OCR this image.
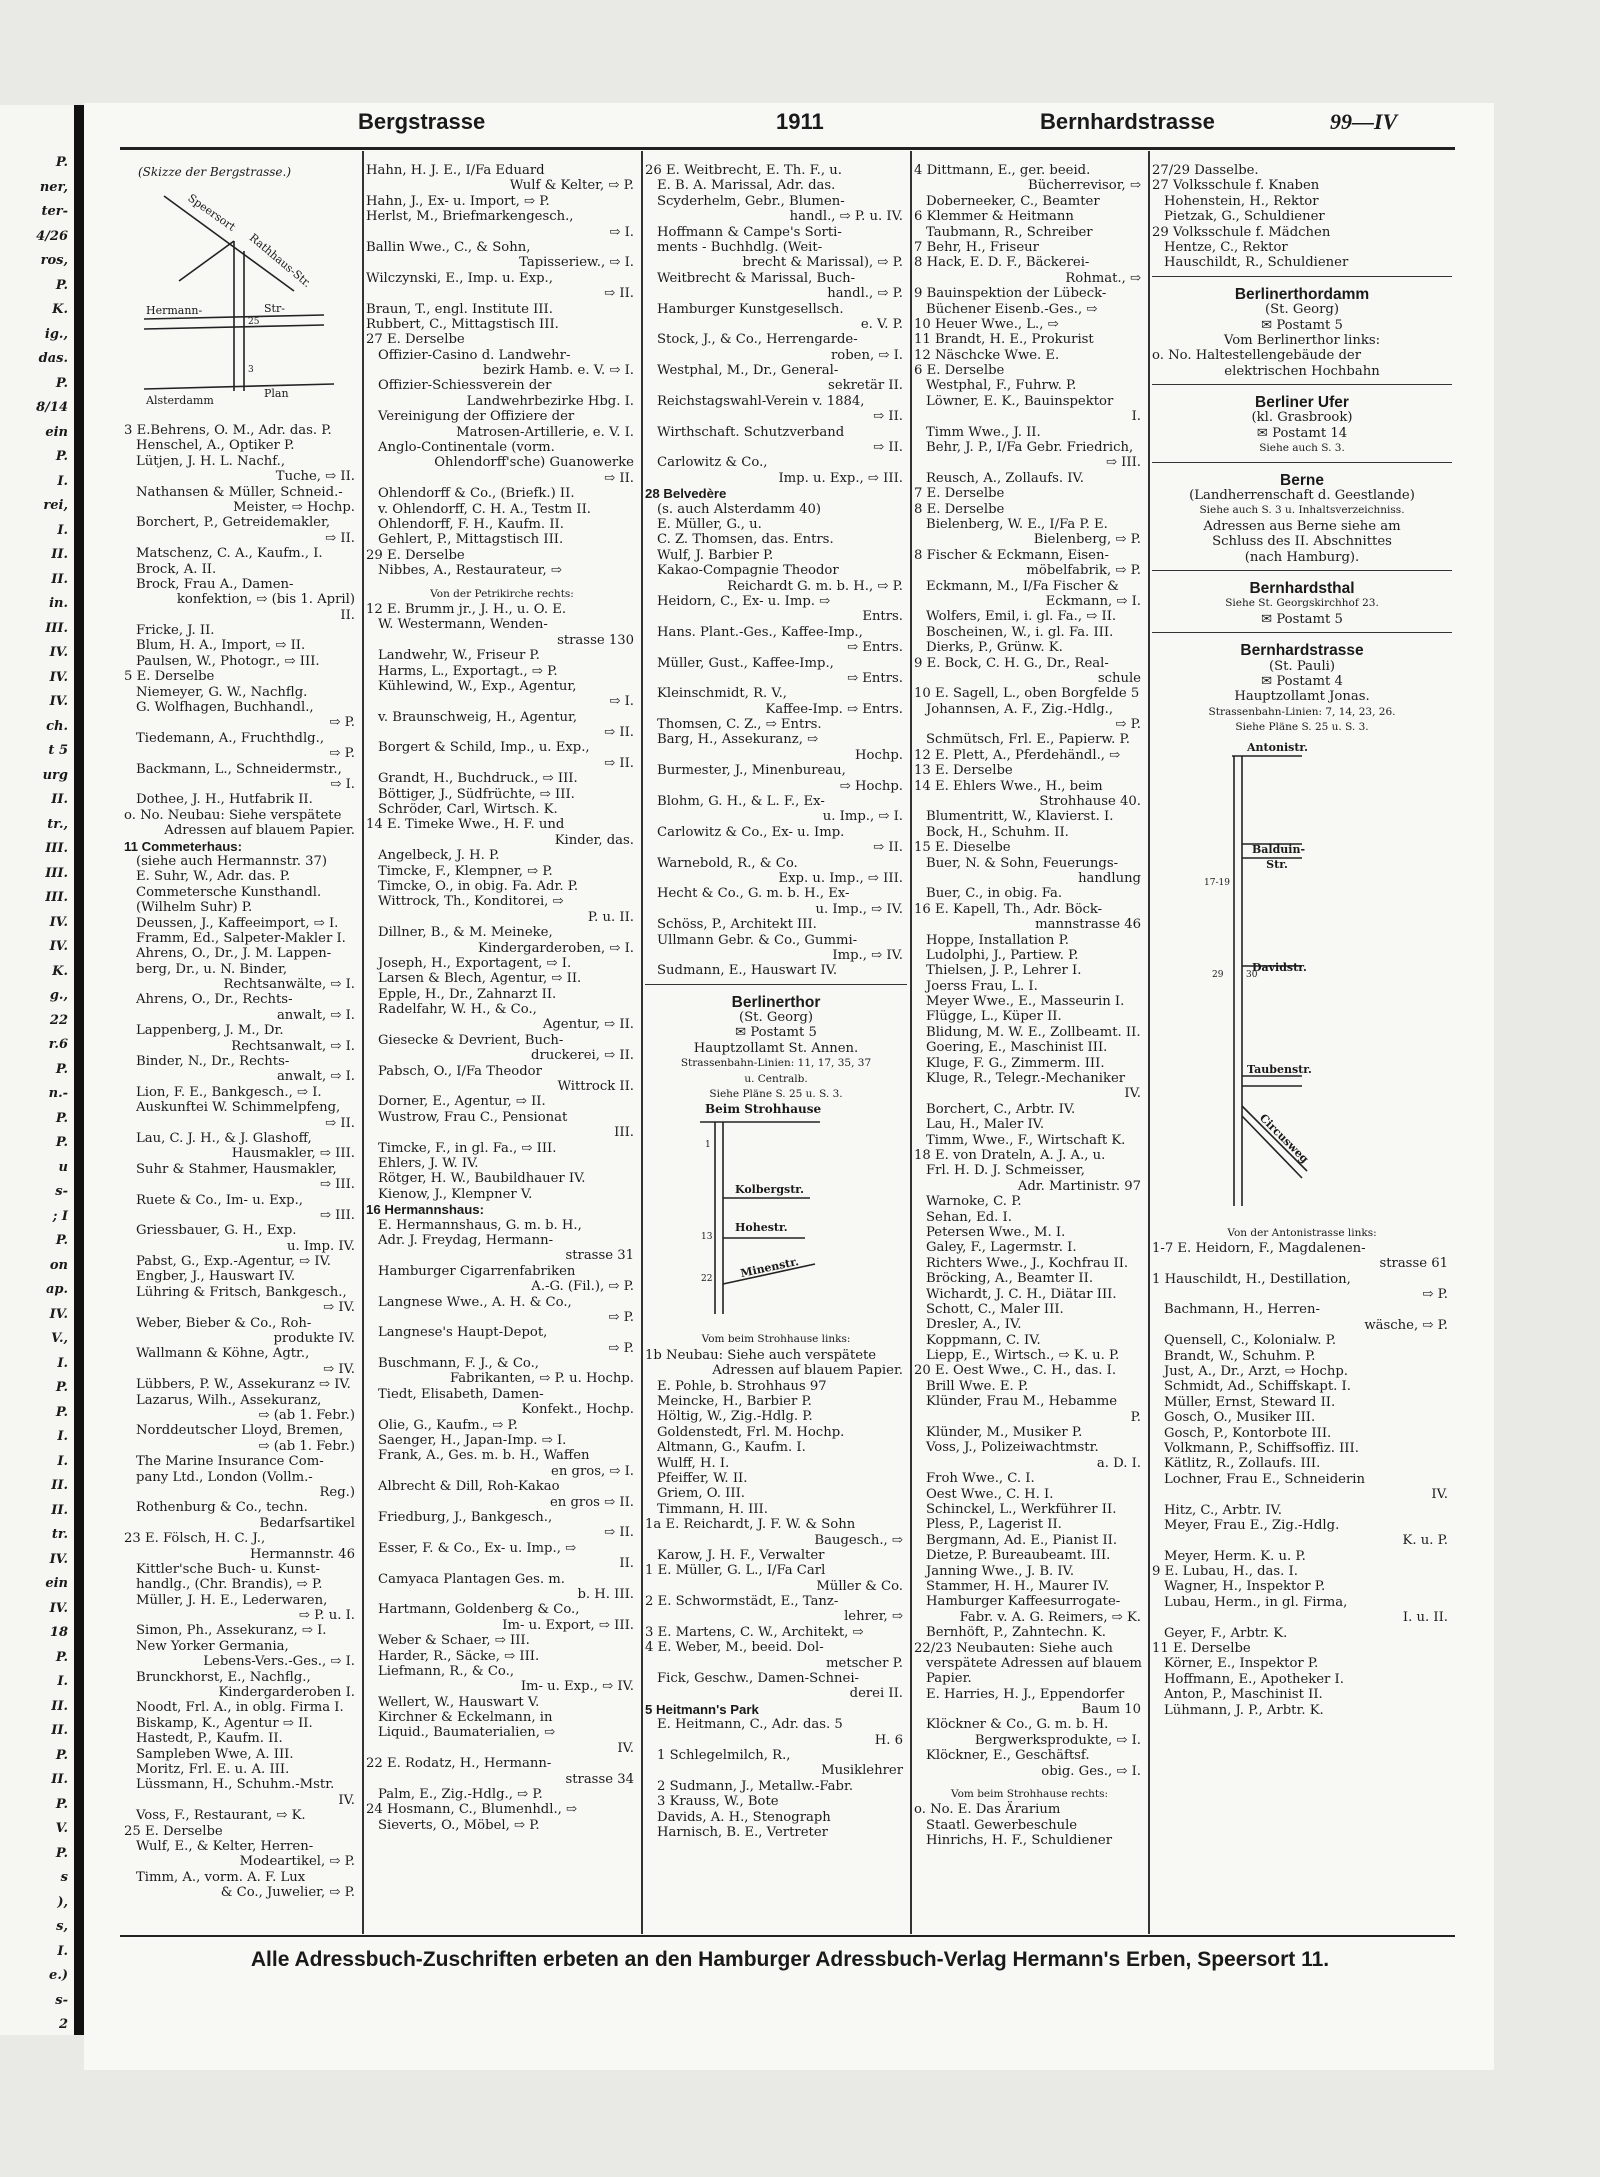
P.
ner,
ter-
4/26
ros,
P.
K.
ig.,
das.
P.
8/14
ein
P.
I.
rei,
I.
II.
II.
in.
III.
IV.
IV.
IV.
ch.
t 5
urg
II.
tr.,
III.
III.
III.
IV.
IV.
K.
g.,
22
r.6
P.
n.-
P.
P.
u
s-
; I
P.
on
ap.
IV.
V.,
I.
P.
P.
I.
I.
II.
II.
tr.
IV.
ein
IV.
18
P.
I.
II.
II.
P.
II.
P.
V.
P.
s
),
s,
I.
e.)
s-
2
Bergstrasse	1911	Bernhardstrasse	99—IV
(Skizze der Bergstrasse.)
Speersort
Rathhaus-Str.
Hermann-	Str-
Alsterdamm
Plan
25
3
3 E.Behrens, O. M., Adr. das. P.
Henschel, A., Optiker P.
Lütjen, J. H. L. Nachf.,
Tuche, ⇨ II.
Nathansen & Müller, Schneid.-
Meister, ⇨ Hochp.
Borchert, P., Getreidemakler,
⇨ II.
Matschenz, C. A., Kaufm., I.
Brock, A. II.
Brock, Frau A., Damen-
konfektion, ⇨ (bis 1. April)
II.
Fricke, J. II.
Blum, H. A., Import, ⇨ II.
Paulsen, W., Photogr., ⇨ III.
5 E. Derselbe
Niemeyer, G. W., Nachflg.
G. Wolfhagen, Buchhandl.,
⇨ P.
Tiedemann, A., Fruchthdlg.,
⇨ P.
Backmann, L., Schneidermstr.,
⇨ I.
Dothee, J. H., Hutfabrik II.
o. No. Neubau: Siehe verspätete
Adressen auf blauem Papier.
11 Commeterhaus:
(siehe auch Hermannstr. 37)
E. Suhr, W., Adr. das. P.
Commetersche Kunsthandl.
(Wilhelm Suhr) P.
Deussen, J., Kaffeeimport, ⇨ I.
Framm, Ed., Salpeter-Makler I.
Ahrens, O., Dr., J. M. Lappen-
berg, Dr., u. N. Binder,
Rechtsanwälte, ⇨ I.
Ahrens, O., Dr., Rechts-
anwalt, ⇨ I.
Lappenberg, J. M., Dr.
Rechtsanwalt, ⇨ I.
Binder, N., Dr., Rechts-
anwalt, ⇨ I.
Lion, F. E., Bankgesch., ⇨ I.
Auskunftei W. Schimmelpfeng,
⇨ II.
Lau, C. J. H., & J. Glashoff,
Hausmakler, ⇨ III.
Suhr & Stahmer, Hausmakler,
⇨ III.
Ruete & Co., Im- u. Exp.,
⇨ III.
Griessbauer, G. H., Exp.
u. Imp. IV.
Pabst, G., Exp.-Agentur, ⇨ IV.
Engber, J., Hauswart IV.
Lühring & Fritsch, Bankgesch.,
⇨ IV.
Weber, Bieber & Co., Roh-
produkte IV.
Wallmann & Köhne, Agtr.,
⇨ IV.
Lübbers, P. W., Assekuranz ⇨ IV.
Lazarus, Wilh., Assekuranz,
⇨ (ab 1. Febr.)
Norddeutscher Lloyd, Bremen,
⇨ (ab 1. Febr.)
The Marine Insurance Com-
pany Ltd., London (Vollm.-
Reg.)
Rothenburg & Co., techn.
Bedarfsartikel
23 E. Fölsch, H. C. J.,
Hermannstr. 46
Kittler'sche Buch- u. Kunst-
handlg., (Chr. Brandis), ⇨ P.
Müller, J. H. E., Lederwaren,
⇨ P. u. I.
Simon, Ph., Assekuranz, ⇨ I.
New Yorker Germania,
Lebens-Vers.-Ges., ⇨ I.
Brunckhorst, E., Nachflg.,
Kindergarderoben I.
Noodt, Frl. A., in oblg. Firma I.
Biskamp, K., Agentur ⇨ II.
Hastedt, P., Kaufm. II.
Sampleben Wwe, A. III.
Moritz, Frl. E. u. A. III.
Lüssmann, H., Schuhm.-Mstr.
IV.
Voss, F., Restaurant, ⇨ K.
25 E. Derselbe
Wulf, E., & Kelter, Herren-
Modeartikel, ⇨ P.
Timm, A., vorm. A. F. Lux
& Co., Juwelier, ⇨ P.
Hahn, H. J. E., I/Fa Eduard
Wulf & Kelter, ⇨ P.
Hahn, J., Ex- u. Import, ⇨ P.
Herlst, M., Briefmarkengesch.,
⇨ I.
Ballin Wwe., C., & Sohn,
Tapisseriew., ⇨ I.
Wilczynski, E., Imp. u. Exp.,
⇨ II.
Braun, T., engl. Institute III.
Rubbert, C., Mittagstisch III.
27 E. Derselbe
Offizier-Casino d. Landwehr-
bezirk Hamb. e. V. ⇨ I.
Offizier-Schiessverein der
Landwehrbezirke Hbg. I.
Vereinigung der Offiziere der
Matrosen-Artillerie, e. V. I.
Anglo-Continentale (vorm.
Ohlendorff'sche) Guanowerke
⇨ II.
Ohlendorff & Co., (Briefk.) II.
v. Ohlendorff, C. H. A., Testm II.
Ohlendorff, F. H., Kaufm. II.
Gehlert, P., Mittagstisch III.
29 E. Derselbe
Nibbes, A., Restaurateur, ⇨
Von der Petrikirche rechts:
12 E. Brumm jr., J. H., u. O. E.
W. Westermann, Wenden-
strasse 130
Landwehr, W., Friseur P.
Harms, L., Exportagt., ⇨ P.
Kühlewind, W., Exp., Agentur,
⇨ I.
v. Braunschweig, H., Agentur,
⇨ II.
Borgert & Schild, Imp., u. Exp.,
⇨ II.
Grandt, H., Buchdruck., ⇨ III.
Böttiger, J., Südfrüchte, ⇨ III.
Schröder, Carl, Wirtsch. K.
14 E. Timeke Wwe., H. F. und
Kinder, das.
Angelbeck, J. H. P.
Timcke, F., Klempner, ⇨ P.
Timcke, O., in obig. Fa. Adr. P.
Wittrock, Th., Konditorei, ⇨
P. u. II.
Dillner, B., & M. Meineke,
Kindergarderoben, ⇨ I.
Joseph, H., Exportagent, ⇨ I.
Larsen & Blech, Agentur, ⇨ II.
Epple, H., Dr., Zahnarzt II.
Radelfahr, W. H., & Co.,
Agentur, ⇨ II.
Giesecke & Devrient, Buch-
druckerei, ⇨ II.
Pabsch, O., I/Fa Theodor
Wittrock II.
Dorner, E., Agentur, ⇨ II.
Wustrow, Frau C., Pensionat
III.
Timcke, F., in gl. Fa., ⇨ III.
Ehlers, J. W. IV.
Rötger, H. W., Baubildhauer IV.
Kienow, J., Klempner V.
16 Hermannshaus:
E. Hermannshaus, G. m. b. H.,
Adr. J. Freydag, Hermann-
strasse 31
Hamburger Cigarrenfabriken
A.-G. (Fil.), ⇨ P.
Langnese Wwe., A. H. & Co.,
⇨ P.
Langnese's Haupt-Depot,
⇨ P.
Buschmann, F. J., & Co.,
Fabrikanten, ⇨ P. u. Hochp.
Tiedt, Elisabeth, Damen-
Konfekt., Hochp.
Olie, G., Kaufm., ⇨ P.
Saenger, H., Japan-Imp. ⇨ I.
Frank, A., Ges. m. b. H., Waffen
en gros, ⇨ I.
Albrecht & Dill, Roh-Kakao
en gros ⇨ II.
Friedburg, J., Bankgesch.,
⇨ II.
Esser, F. & Co., Ex- u. Imp., ⇨
II.
Camyaca Plantagen Ges. m.
b. H. III.
Hartmann, Goldenberg & Co.,
Im- u. Export, ⇨ III.
Weber & Schaer, ⇨ III.
Harder, R., Säcke, ⇨ III.
Liefmann, R., & Co.,
Im- u. Exp., ⇨ IV.
Wellert, W., Hauswart V.
Kirchner & Eckelmann, in
Liquid., Baumaterialien, ⇨
IV.
22 E. Rodatz, H., Hermann-
strasse 34
Palm, E., Zig.-Hdlg., ⇨ P.
24 Hosmann, C., Blumenhdl., ⇨
Sieverts, O., Möbel, ⇨ P.
26 E. Weitbrecht, E. Th. F., u.
E. B. A. Marissal, Adr. das.
Scyderhelm, Gebr., Blumen-
handl., ⇨ P. u. IV.
Hoffmann & Campe's Sorti-
ments - Buchhdlg. (Weit-
brecht & Marissal), ⇨ P.
Weitbrecht & Marissal, Buch-
handl., ⇨ P.
Hamburger Kunstgesellsch.
e. V. P.
Stock, J., & Co., Herrengarde-
roben, ⇨ I.
Westphal, M., Dr., General-
sekretär II.
Reichstagswahl-Verein v. 1884,
⇨ II.
Wirthschaft. Schutzverband
⇨ II.
Carlowitz & Co.,
Imp. u. Exp., ⇨ III.
28 Belvedère
(s. auch Alsterdamm 40)
E. Müller, G., u.
C. Z. Thomsen, das. Entrs.
Wulf, J. Barbier P.
Kakao-Compagnie Theodor
Reichardt G. m. b. H., ⇨ P.
Heidorn, C., Ex- u. Imp. ⇨
Entrs.
Hans. Plant.-Ges., Kaffee-Imp.,
⇨ Entrs.
Müller, Gust., Kaffee-Imp.,
⇨ Entrs.
Kleinschmidt, R. V.,
Kaffee-Imp. ⇨ Entrs.
Thomsen, C. Z., ⇨ Entrs.
Barg, H., Assekuranz, ⇨
Hochp.
Burmester, J., Minenbureau,
⇨ Hochp.
Blohm, G. H., & L. F., Ex-
u. Imp., ⇨ I.
Carlowitz & Co., Ex- u. Imp.
⇨ II.
Warnebold, R., & Co.
Exp. u. Imp., ⇨ III.
Hecht & Co., G. m. b. H., Ex-
u. Imp., ⇨ IV.
Schöss, P., Architekt III.
Ullmann Gebr. & Co., Gummi-
Imp., ⇨ IV.
Sudmann, E., Hauswart IV.
Berlinerthor
(St. Georg)
✉ Postamt 5
Hauptzollamt St. Annen.
Strassenbahn-Linien: 11, 17, 35, 37
u. Centralb.
Siehe Pläne S. 25 u. S. 3.
Beim Strohhause
Kolbergstr.
Hohestr.
Minenstr.
1
13
22
Vom beim Strohhause links:
1b Neubau: Siehe auch verspätete
Adressen auf blauem Papier.
E. Pohle, b. Strohhaus 97
Meincke, H., Barbier P.
Höltig, W., Zig.-Hdlg. P.
Goldenstedt, Frl. M. Hochp.
Altmann, G., Kaufm. I.
Wulff, H. I.
Pfeiffer, W. II.
Griem, O. III.
Timmann, H. III.
1a E. Reichardt, J. F. W. & Sohn
Baugesch., ⇨
Karow, J. H. F., Verwalter
1 E. Müller, G. L., I/Fa Carl
Müller & Co.
2 E. Schwormstädt, E., Tanz-
lehrer, ⇨
3 E. Martens, C. W., Architekt, ⇨
4 E. Weber, M., beeid. Dol-
metscher P.
Fick, Geschw., Damen-Schnei-
derei II.
5 Heitmann's Park
E. Heitmann, C., Adr. das. 5
H. 6
1 Schlegelmilch, R.,
Musiklehrer
2 Sudmann, J., Metallw.-Fabr.
3 Krauss, W., Bote
Davids, A. H., Stenograph
Harnisch, B. E., Vertreter
4 Dittmann, E., ger. beeid.
Bücherrevisor, ⇨
Doberneeker, C., Beamter
6 Klemmer & Heitmann
Taubmann, R., Schreiber
7 Behr, H., Friseur
8 Hack, E. D. F., Bäckerei-
Rohmat., ⇨
9 Bauinspektion der Lübeck-
Büchener Eisenb.-Ges., ⇨
10 Heuer Wwe., L., ⇨
11 Brandt, H. E., Prokurist
12 Näschcke Wwe. E.
6 E. Derselbe
Westphal, F., Fuhrw. P.
Löwner, E. K., Bauinspektor
I.
Timm Wwe., J. II.
Behr, J. P., I/Fa Gebr. Friedrich,
⇨ III.
Reusch, A., Zollaufs. IV.
7 E. Derselbe
8 E. Derselbe
Bielenberg, W. E., I/Fa P. E.
Bielenberg, ⇨ P.
8 Fischer & Eckmann, Eisen-
möbelfabrik, ⇨ P.
Eckmann, M., I/Fa Fischer &
Eckmann, ⇨ I.
Wolfers, Emil, i. gl. Fa., ⇨ II.
Boscheinen, W., i. gl. Fa. III.
Dierks, P., Grünw. K.
9 E. Bock, C. H. G., Dr., Real-
schule
10 E. Sagell, L., oben Borgfelde 5
Johannsen, A. F., Zig.-Hdlg.,
⇨ P.
Schmütsch, Frl. E., Papierw. P.
12 E. Plett, A., Pferdehändl., ⇨
13 E. Derselbe
14 E. Ehlers Wwe., H., beim
Strohhause 40.
Blumentritt, W., Klavierst. I.
Bock, H., Schuhm. II.
15 E. Dieselbe
Buer, N. & Sohn, Feuerungs-
handlung
Buer, C., in obig. Fa.
16 E. Kapell, Th., Adr. Böck-
mannstrasse 46
Hoppe, Installation P.
Ludolphi, J., Partiew. P.
Thielsen, J. P., Lehrer I.
Joerss Frau, L. I.
Meyer Wwe., E., Masseurin I.
Flügge, L., Küper II.
Blidung, M. W. E., Zollbeamt. II.
Goering, E., Maschinist III.
Kluge, F. G., Zimmerm. III.
Kluge, R., Telegr.-Mechaniker
IV.
Borchert, C., Arbtr. IV.
Lau, H., Maler IV.
Timm, Wwe., F., Wirtschaft K.
18 E. von Drateln, A. J. A., u.
Frl. H. D. J. Schmeisser,
Adr. Martinistr. 97
Warnoke, C. P.
Sehan, Ed. I.
Petersen Wwe., M. I.
Galey, F., Lagermstr. I.
Richters Wwe., J., Kochfrau II.
Bröcking, A., Beamter II.
Wichardt, J. C. H., Diätar III.
Schott, C., Maler III.
Dresler, A., IV.
Koppmann, C. IV.
Liepp, E., Wirtsch., ⇨ K. u. P.
20 E. Oest Wwe., C. H., das. I.
Brill Wwe. E. P.
Klünder, Frau M., Hebamme
P.
Klünder, M., Musiker P.
Voss, J., Polizeiwachtmstr.
a. D. I.
Froh Wwe., C. I.
Oest Wwe., C. H. I.
Schinckel, L., Werkführer II.
Pless, P., Lagerist II.
Bergmann, Ad. E., Pianist II.
Dietze, P. Bureaubeamt. III.
Janning Wwe., J. B. IV.
Stammer, H. H., Maurer IV.
Hamburger Kaffeesurrogate-
Fabr. v. A. G. Reimers, ⇨ K.
Bernhöft, P., Zahntechn. K.
22/23 Neubauten: Siehe auch
verspätete Adressen auf blauem
Papier.
E. Harries, H. J., Eppendorfer
Baum 10
Klöckner & Co., G. m. b. H.
Bergwerksprodukte, ⇨ I.
Klöckner, E., Geschäftsf.
obig. Ges., ⇨ I.
Vom beim Strohhause rechts:
o. No. E. Das Ärarium
Staatl. Gewerbeschule
Hinrichs, H. F., Schuldiener
27/29 Dasselbe.
27 Volksschule f. Knaben
Hohenstein, H., Rektor
Pietzak, G., Schuldiener
29 Volksschule f. Mädchen
Hentze, C., Rektor
Hauschildt, R., Schuldiener
Berlinerthordamm
(St. Georg)
✉ Postamt 5
Vom Berlinerthor links:
o. No. Haltestellengebäude der
elektrischen Hochbahn
Berliner Ufer
(kl. Grasbrook)
✉ Postamt 14
Siehe auch S. 3.
Berne
(Landherrenschaft d. Geestlande)
Siehe auch S. 3 u. Inhaltsverzeichniss.
Adressen aus Berne siehe am
Schluss des II. Abschnittes
(nach Hamburg).
Bernhardsthal
Siehe St. Georgskirchhof 23.
✉ Postamt 5
Bernhardstrasse
(St. Pauli)
✉ Postamt 4
Hauptzollamt Jonas.
Strassenbahn-Linien: 7, 14, 23, 26.
Siehe Pläne S. 25 u. S. 3.
Antonistr.
Balduin-Str.
Davidstr.
Taubenstr.
Circusweg
17-19
29	30
Von der Antonistrasse links:
1-7 E. Heidorn, F., Magdalenen-
strasse 61
1 Hauschildt, H., Destillation,
⇨ P.
Bachmann, H., Herren-
wäsche, ⇨ P.
Quensell, C., Kolonialw. P.
Brandt, W., Schuhm. P.
Just, A., Dr., Arzt, ⇨ Hochp.
Schmidt, Ad., Schiffskapt. I.
Müller, Ernst, Steward II.
Gosch, O., Musiker III.
Gosch, P., Kontorbote III.
Volkmann, P., Schiffsoffiz. III.
Kätlitz, R., Zollaufs. III.
Lochner, Frau E., Schneiderin
IV.
Hitz, C., Arbtr. IV.
Meyer, Frau E., Zig.-Hdlg.
K. u. P.
Meyer, Herm. K. u. P.
9 E. Lubau, H., das. I.
Wagner, H., Inspektor P.
Lubau, Herm., in gl. Firma,
I. u. II.
Geyer, F., Arbtr. K.
11 E. Derselbe
Körner, E., Inspektor P.
Hoffmann, E., Apotheker I.
Anton, P., Maschinist II.
Lühmann, J. P., Arbtr. K.
Alle Adressbuch-Zuschriften erbeten an den Hamburger Adressbuch-Verlag Hermann's Erben, Speersort 11.
